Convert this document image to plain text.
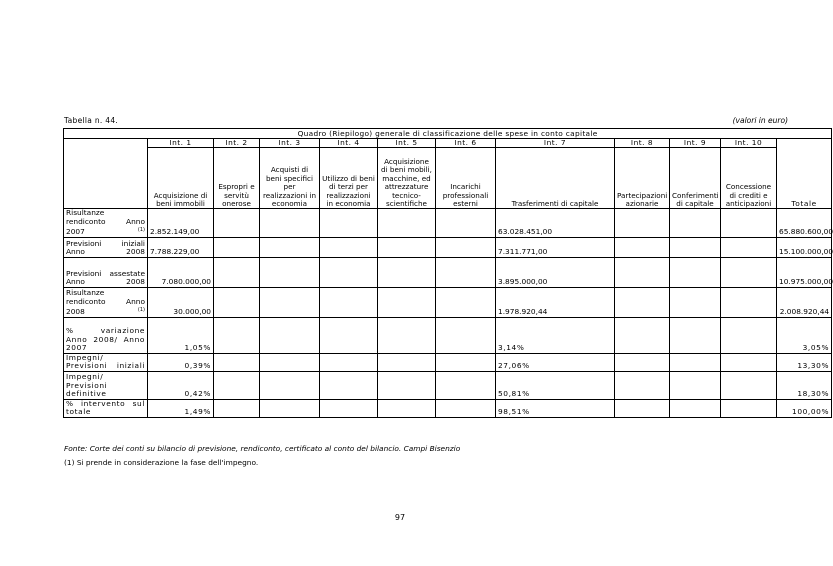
Tabella n. 44.	(valori in euro)
Quadro (Riepilogo) generale di classificazione delle spese in conto capitale											
	Int. 1	Int. 2	Int. 3	Int. 4	Int. 5	Int. 6	Int. 7	Int. 8	Int. 9	Int. 10	Totale
	Acquisizione di beni immobili	Espropri e servitù onerose	Acquisti di beni specifici per realizzazioni in economia	Utilizzo di beni di terzi per realizzazioni in economia	Acquisizione di beni mobili, macchine, ed attrezzature tecnico-scientifiche	Incarichi professionali esterni	Trasferimenti di capitale	Partecipazioni azionarie	Conferimenti di capitale	Concessione di crediti e anticipazioni	
Risultanze rendiconto Anno 2007 $^{(1)}$	2.852.149,00						63.028.451,00				65.880.600,00
Previsioni iniziali Anno 2008	7.788.229,00						7.311.771,00				15.100.000,00
Previsioni assestate Anno 2008	7.080.000,00						3.895.000,00				10.975.000,00
Risultanze rendiconto Anno 2008 $^{(1)}$	30.000,00						1.978.920,44				2.008.920,44
% variazione Anno 2008/ Anno 2007	1,05%						3,14%				3,05%
Impegni/ Previsioni iniziali	0,39%						27,06%				13,30%
Impegni/ Previsioni definitive	0,42%						50,81%				18,30%
% intervento sul totale	1,49%						98,51%				100,00%
Fonte: Corte dei conti su bilancio di previsione, rendiconto, certificato al conto del bilancio. Campi Bisenzio
(1) Si prende in considerazione la fase dell'impegno.
97
